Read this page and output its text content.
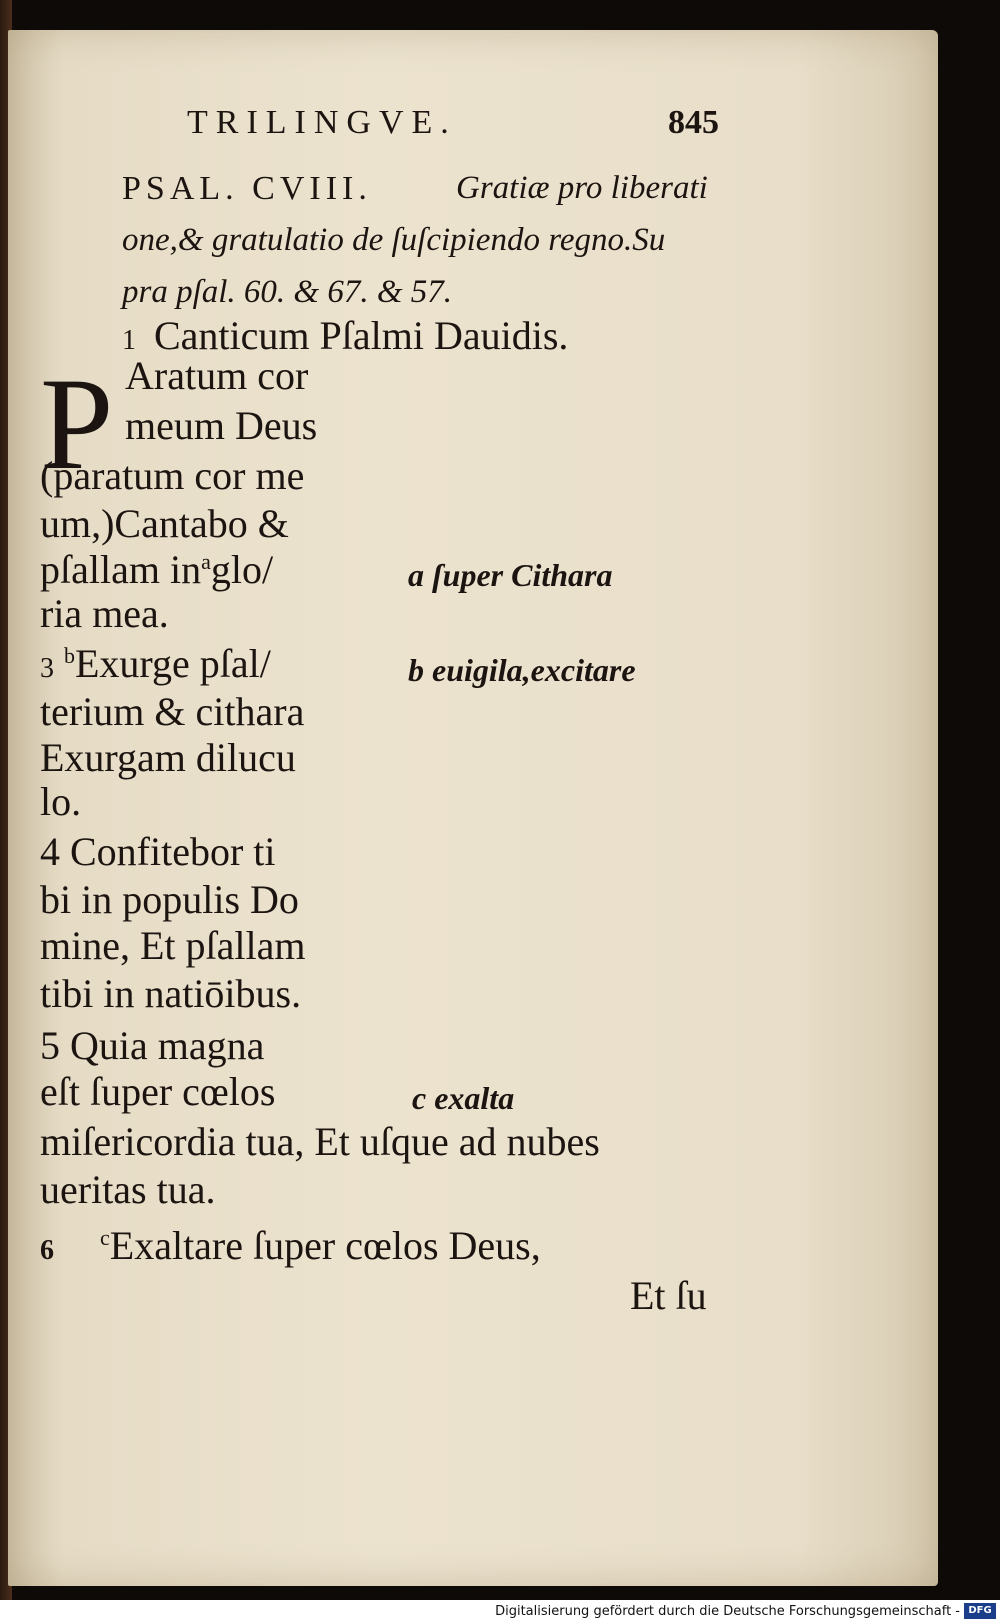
TRILINGVE.	845
PSAL. CVIII.	Gratiæ pro liberati
one,& gratulatio de ſuſcipiendo regno.Su
pra pſal. 60. & 67. & 57.
1 Canticum Pſalmi Dauidis.
P Aratum cor
meum Deus
(paratum cor me
um,)Cantabo &
pſallam $in^aglo/$	a ſuper Cithara
ria mea.
3 $^b$Exurge pſal/	b euigila,excitare
terium & cithara
Exurgam dilucu
lo.
4 Confitebor ti
bi in populis Do
mine, Et pſallam
tibi in natiōibus.
5 Quia magna
eſt ſuper cœlos	c exalta
miſericordia tua, Et uſque ad nubes
ueritas tua.
6 $^c$Exaltare ſuper cœlos Deus,
Et ſu
Digitalisierung gefördert durch die Deutsche Forschungsgemeinschaft - DFG
